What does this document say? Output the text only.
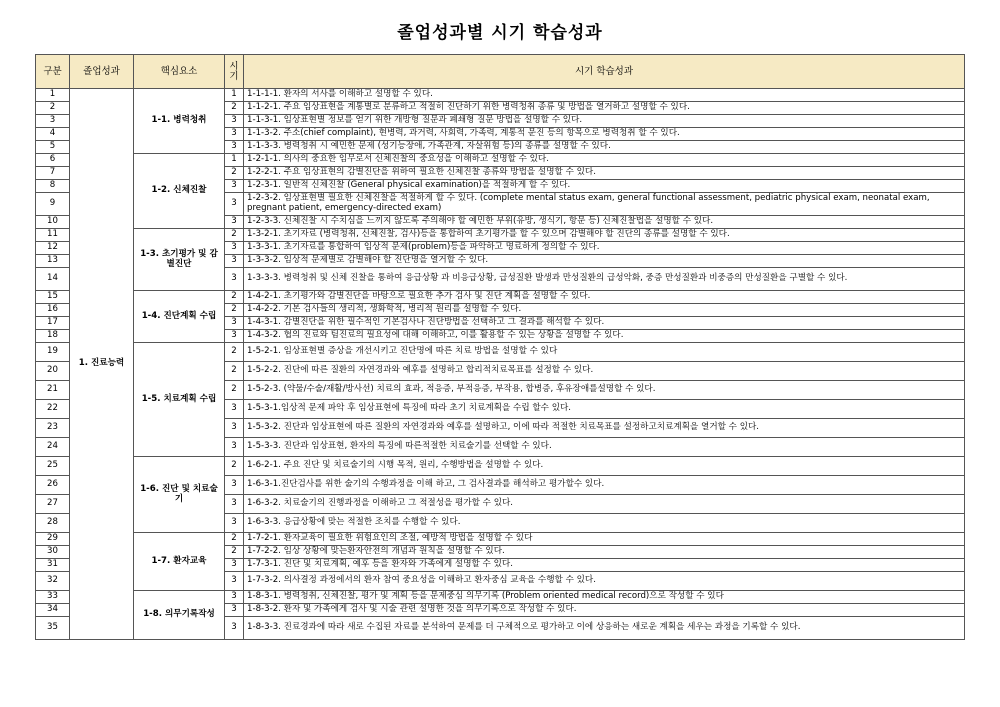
졸업성과별 시기 학습성과
구분	졸업성과	핵심요소	시기	시기 학습성과
1	1. 진료능력	1-1. 병력청취	1	1-1-1-1. 환자의 서사를 이해하고 설명할 수 있다.
2			2	1-1-2-1. 주요 임상표현을 계통별로 분류하고 적절히 진단하기 위한 병력청취 종류 및 방법을 열거하고 설명할 수 있다.
3			3	1-1-3-1. 임상표현별 정보를 얻기 위한 개방형 질문과 폐쇄형 질문 방법을 설명할 수 있다.
4			3	1-1-3-2. 주소(chief complaint), 현병력, 과거력, 사회력, 가족력, 계통적 문진 등의 항목으로 병력청취 할 수 있다.
5			3	1-1-3-3. 병력청취 시 예민한 문제 (성기능장애, 가족관계, 자살위험 등)의 종류를 설명할 수 있다.
6		1-2. 신체진찰	1	1-2-1-1. 의사의 중요한 임무로서 신체진찰의 중요성을 이해하고 설명할 수 있다.
7			2	1-2-2-1. 주요 임상표현의 감별진단을 위하여 필요한 신체진찰 종류와 방법을 설명할 수 있다.
8			3	1-2-3-1. 일반적 신체진찰 (General physical examination)을 적절하게 할 수 있다.
9			3	1-2-3-2. 임상표현별 필요한 신체진찰을 적절하게 할 수 있다. (complete mental status exam, general functional assessment, pediatric physical exam, neonatal exam, pregnant patient, emergency-directed exam)
10			3	1-2-3-3. 신체진찰 시 수치심을 느끼지 않도록 주의해야 할 예민한 부위(유방, 생식기, 항문 등) 신체진찰법을 설명할 수 있다.
11		1-3. 초기평가 및 감별진단	2	1-3-2-1. 초기자료 (병력청취, 신체진찰, 검사)등을 통합하여 초기평가를 할 수 있으며 감별해야 할 진단의 종류를 설명할 수 있다.
12			3	1-3-3-1. 초기자료를 통합하여 임상적 문제(problem)등을 파악하고 명료하게 정의할 수 있다.
13			3	1-3-3-2. 임상적 문제별로 감별해야 할 진단명을 열거할 수 있다.
14			3	1-3-3-3. 병력청취 및 신체 진찰을 통하여 응급상황 과 비응급상황, 급성질환 발생과 만성질환의 급성악화, 중증 만성질환과 비중증의 만성질환을 구별할 수 있다.
15		1-4. 진단계획 수립	2	1-4-2-1. 초기평가와 감별진단을 바탕으로 필요한 추가 검사 및 진단 계획을 설명할 수 있다.
16			2	1-4-2-2. 기본 검사들의 생리적, 생화학적, 병리적 원리를 설명할 수 있다.
17			3	1-4-3-1. 감별진단을 위한 필수적인 기본검사나 진단방법을 선택하고 그 결과를 해석할 수 있다.
18			3	1-4-3-2. 협의 진료와 팀진료의 필요성에 대해 이해하고, 이를 활용할 수 있는 상황을 설명할 수 있다.
19		1-5. 치료계획 수립	2	1-5-2-1. 임상표현별 증상을 개선시키고 진단명에 따른 치료 방법을 설명할 수 있다
20			2	1-5-2-2. 진단에 따른 질환의 자연경과와 예후를 설명하고 합리적치료목표를 설정할 수 있다.
21			2	1-5-2-3. (약물/수술/재활/방사선) 치료의 효과, 적응증, 부적응증, 부작용, 합병증, 후유장애를설명할 수 있다.
22			3	1-5-3-1.임상적 문제 파악 후 임상표현에 특징에 따라 초기 치료계획을 수립 할수 있다.
23			3	1-5-3-2. 진단과 임상표현에 따른 질환의 자연경과와 예후를 설명하고, 이에 따라 적절한 치료목표를 설정하고치료계획을 열거할 수 있다.
24			3	1-5-3-3. 진단과 임상표현, 환자의 특징에 따른적절한 치료술기를 선택할 수 있다.
25		1-6. 진단 및 치료술기	2	1-6-2-1. 주요 진단 및 치료술기의 시행 목적, 원리, 수행방법을 설명할 수 있다.
26			3	1-6-3-1.진단검사를 위한 술기의 수행과정을 이해 하고, 그 검사결과를 해석하고 평가할수 있다.
27			3	1-6-3-2. 치료술기의 진행과정을 이해하고 그 적절성을 평가할 수 있다.
28			3	1-6-3-3. 응급상황에 맞는 적절한 조치를 수행할 수 있다.
29		1-7. 환자교육	2	1-7-2-1. 환자교육이 필요한 위험요인의 조절, 예방적 방법을 설명할 수 있다
30			2	1-7-2-2. 임상 상황에 맞는환자안전의 개념과 원칙을 설명할 수 있다.
31			3	1-7-3-1. 진단 및 치료계획, 예후 등을 환자와 가족에게 설명할 수 있다.
32			3	1-7-3-2. 의사결정 과정에서의 환자 참여 중요성을 이해하고 환자중심 교육을 수행할 수 있다.
33		1-8. 의무기록작성	3	1-8-3-1. 병력청취, 신체진찰, 평가 및 계획 등을 문제중심 의무기록 (Problem oriented medical record)으로 작성할 수 있다
34			3	1-8-3-2. 환자 및 가족에게 검사 및 시술 관련 설명한 것을 의무기록으로 작성할 수 있다.
35			3	1-8-3-3. 진료경과에 따라 새로 수집된 자료를 분석하여 문제를 더 구체적으로 평가하고 이에 상응하는 새로운 계획을 세우는 과정을 기록할 수 있다.
